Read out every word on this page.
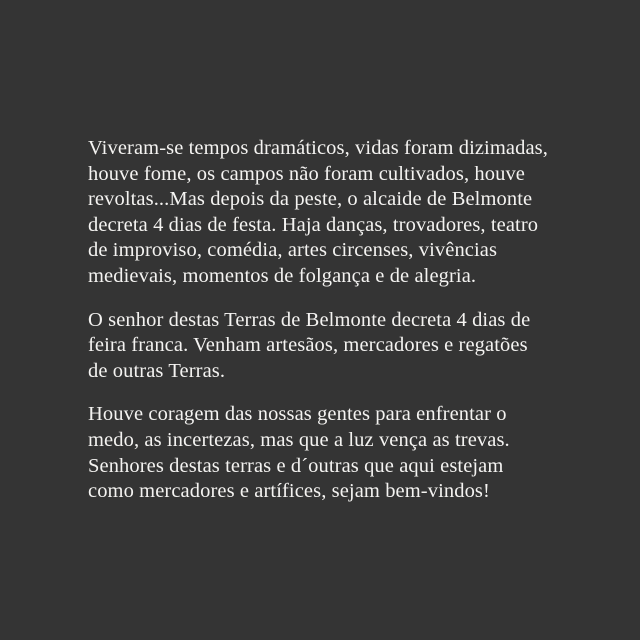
Viveram-se tempos dramáticos, vidas foram dizimadas, houve fome, os campos não foram cultivados, houve revoltas...Mas depois da peste, o alcaide de Belmonte decreta 4 dias de festa. Haja danças, trovadores, teatro de improviso, comédia, artes circenses, vivências medievais, momentos de folgança e de alegria.

O senhor destas Terras de Belmonte decreta 4 dias de feira franca. Venham artesãos, mercadores e regatões de outras Terras.

Houve coragem das nossas gentes para enfrentar o medo, as incertezas, mas que a luz vença as trevas. Senhores destas terras e d´outras que aqui estejam como mercadores e artífices, sejam bem-vindos!
